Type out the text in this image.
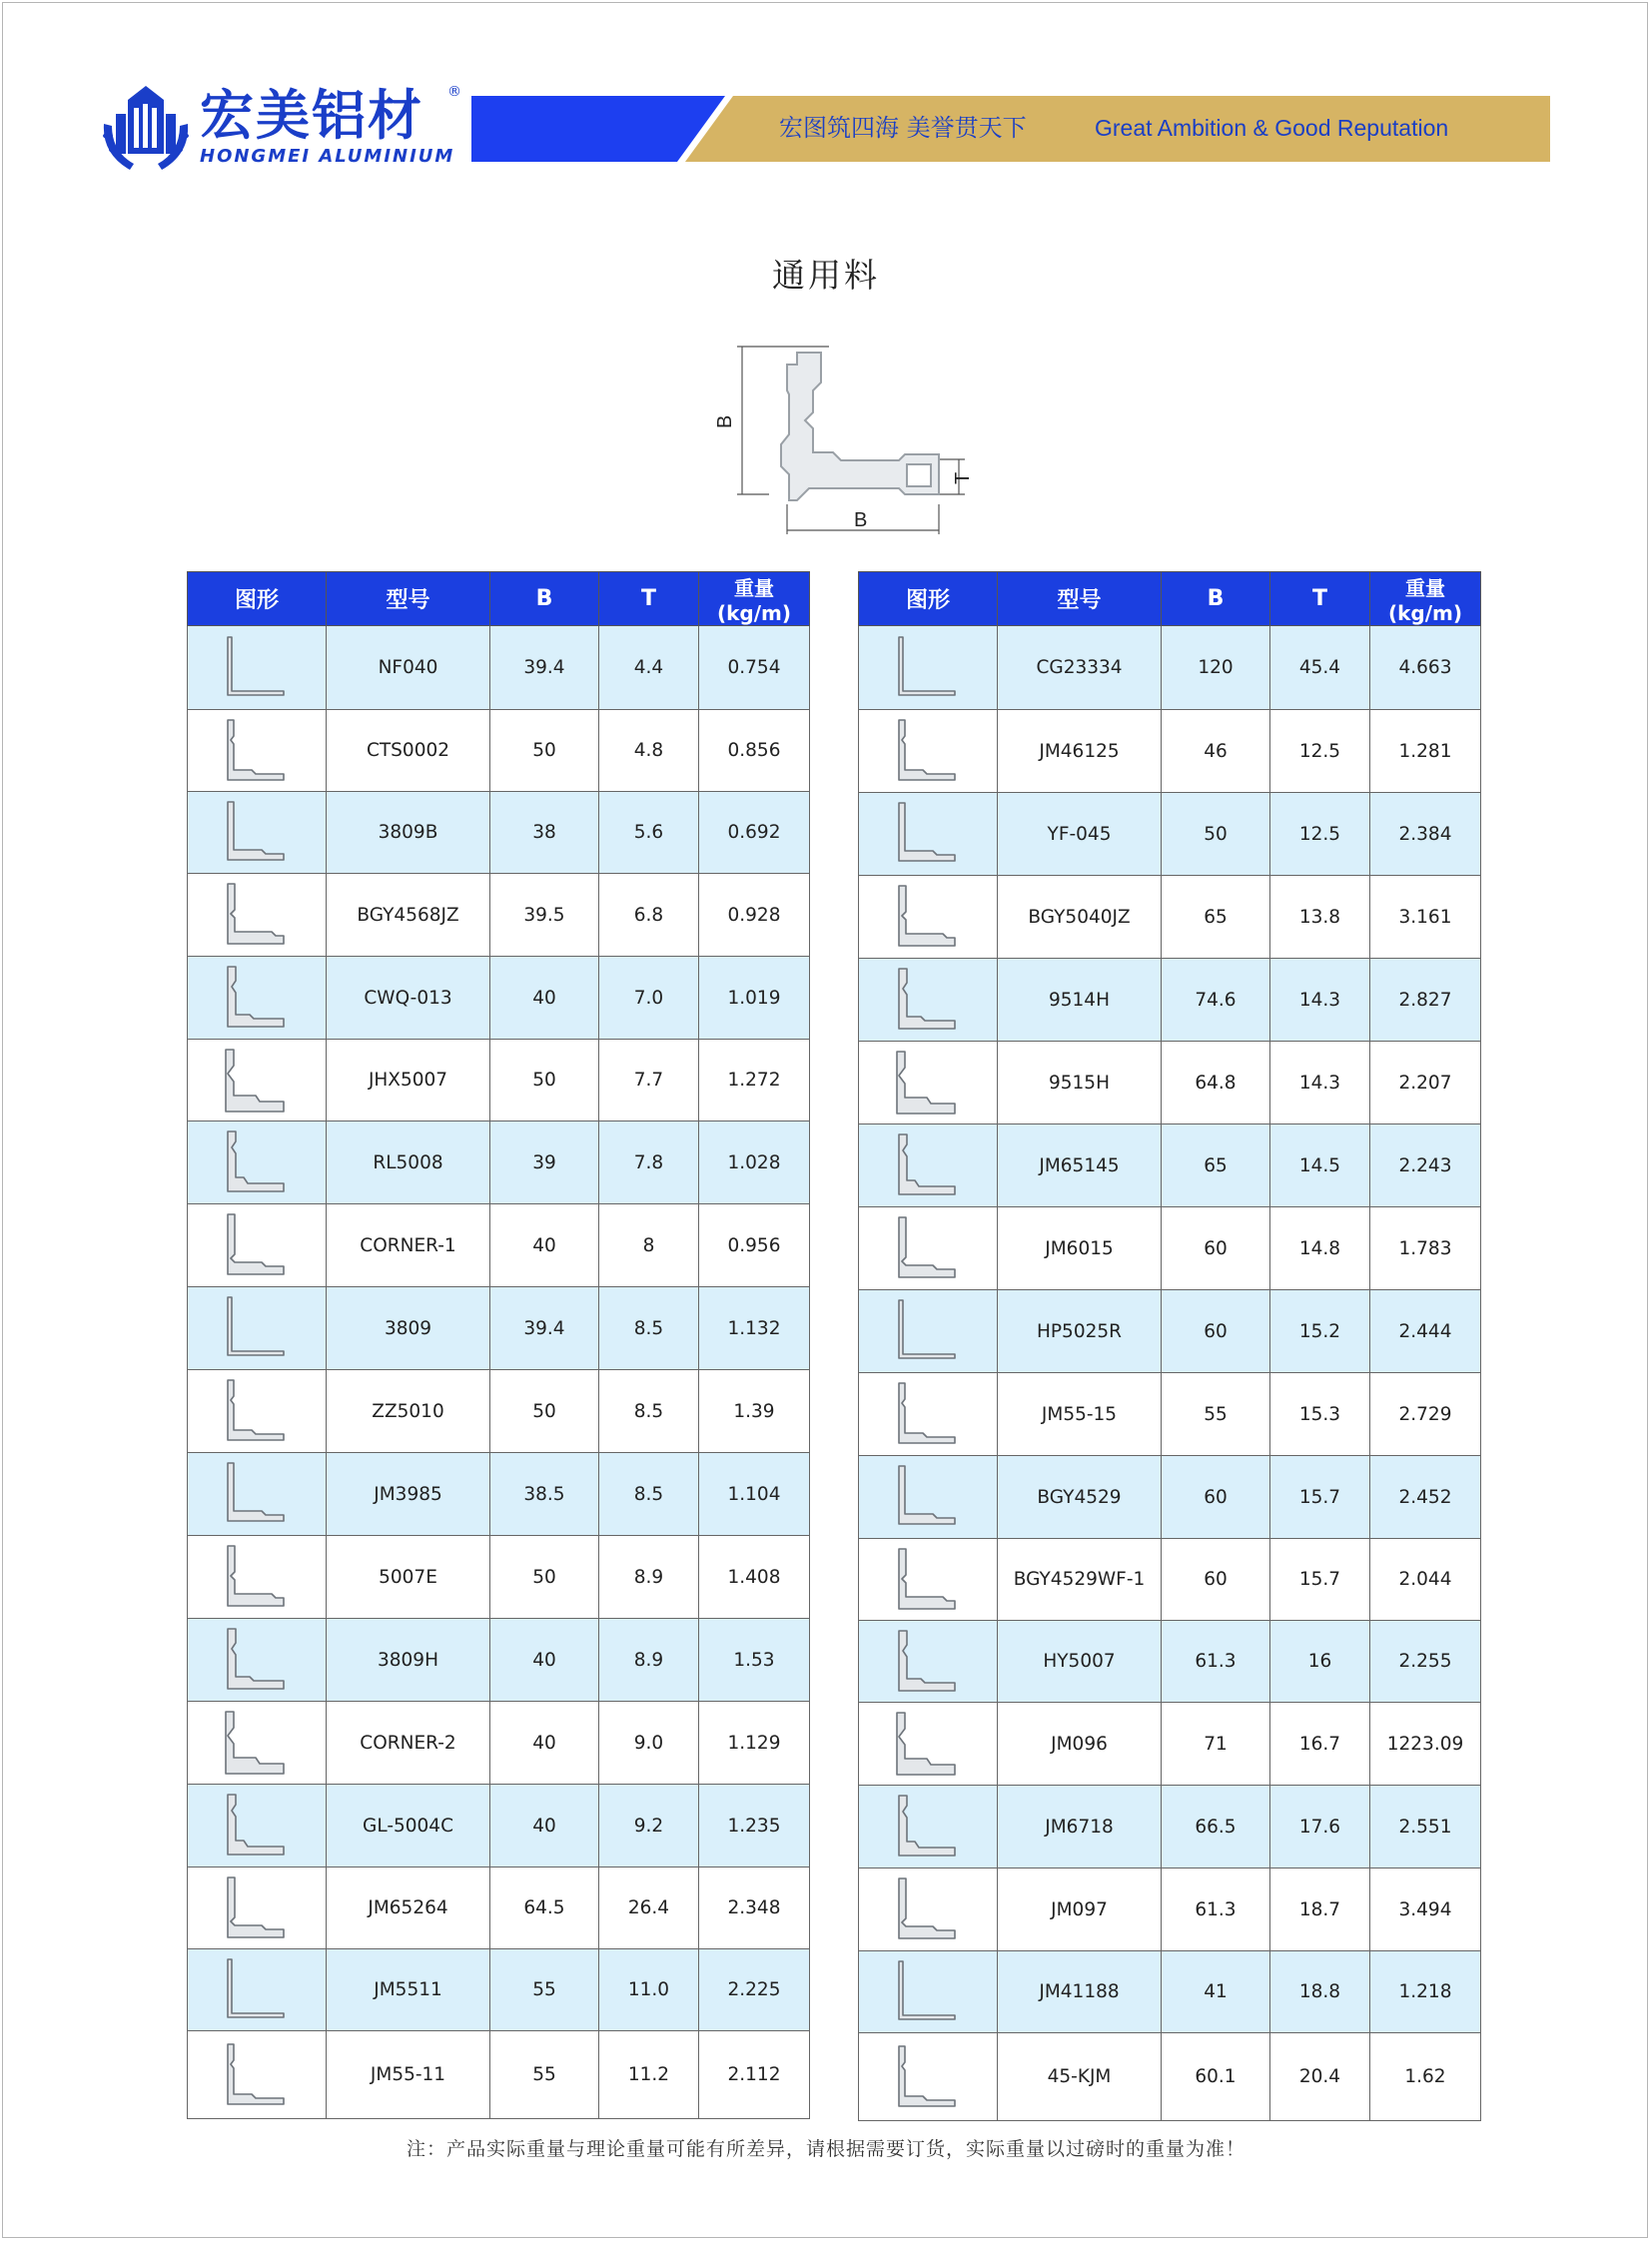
宏美铝材 ®
HONGMEI ALUMINIUM
宏图筑四海 美誉贯天下	Great Ambition & Good Reputation
通用料
B
B
T
图形	型号	B	T	重量(kg/m)

	NF040	39.4	4.4	0.754

	CTS0002	50	4.8	0.856

	3809B	38	5.6	0.692

	BGY4568JZ	39.5	6.8	0.928

	CWQ-013	40	7.0	1.019

	JHX5007	50	7.7	1.272

	RL5008	39	7.8	1.028

	CORNER-1	40	8	0.956

	3809	39.4	8.5	1.132

	ZZ5010	50	8.5	1.39

	JM3985	38.5	8.5	1.104

	5007E	50	8.9	1.408

	3809H	40	8.9	1.53

	CORNER-2	40	9.0	1.129

	GL-5004C	40	9.2	1.235

	JM65264	64.5	26.4	2.348

	JM5511	55	11.0	2.225

	JM55-11	55	11.2	2.112
图形	型号	B	T	重量(kg/m)

	CG23334	120	45.4	4.663

	JM46125	46	12.5	1.281

	YF-045	50	12.5	2.384

	BGY5040JZ	65	13.8	3.161

	9514H	74.6	14.3	2.827

	9515H	64.8	14.3	2.207

	JM65145	65	14.5	2.243

	JM6015	60	14.8	1.783

	HP5025R	60	15.2	2.444

	JM55-15	55	15.3	2.729

	BGY4529	60	15.7	2.452

	BGY4529WF-1	60	15.7	2.044

	HY5007	61.3	16	2.255

	JM096	71	16.7	1223.09

	JM6718	66.5	17.6	2.551

	JM097	61.3	18.7	3.494

	JM41188	41	18.8	1.218

	45-KJM	60.1	20.4	1.62
注：产品实际重量与理论重量可能有所差异，请根据需要订货，实际重量以过磅时的重量为准！
